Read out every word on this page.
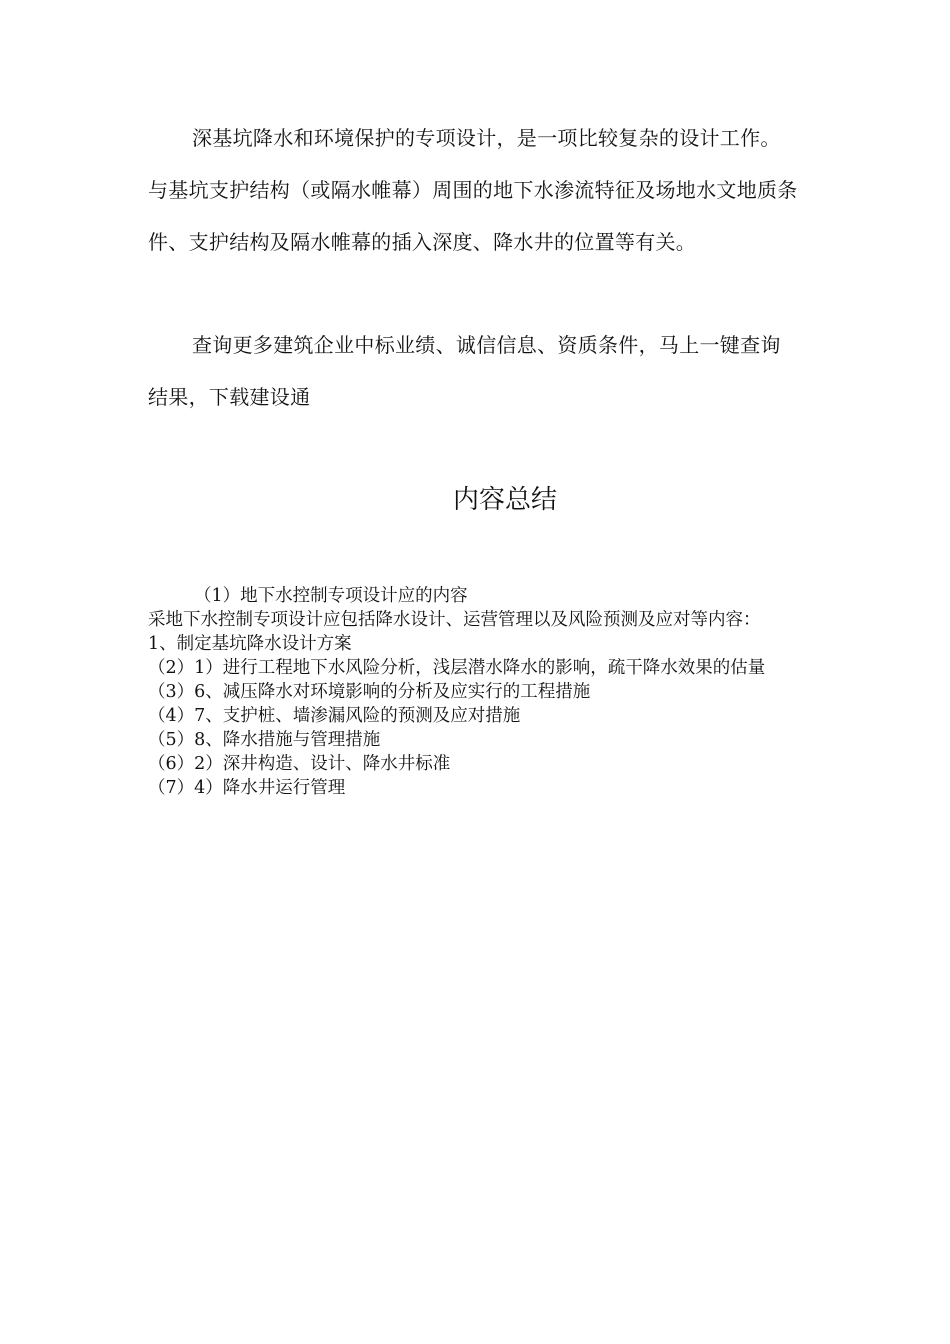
深基坑降水和环境保护的专项设计，是一项比较复杂的设计工作。与基坑支护结构（或隔水帷幕）周围的地下水渗流特征及场地水文地质条件、支护结构及隔水帷幕的插入深度、降水井的位置等有关。

查询更多建筑企业中标业绩、诚信信息、资质条件，马上一键查询结果，下载建设通

内容总结
（1）地下水控制专项设计应的内容
采地下水控制专项设计应包括降水设计、运营管理以及风险预测及应对等内容：
1、制定基坑降水设计方案
（2）1）进行工程地下水风险分析，浅层潜水降水的影响，疏干降水效果的估量
（3）6、减压降水对环境影响的分析及应实行的工程措施
（4）7、支护桩、墙渗漏风险的预测及应对措施
（5）8、降水措施与管理措施
（6）2）深井构造、设计、降水井标准
（7）4）降水井运行管理
